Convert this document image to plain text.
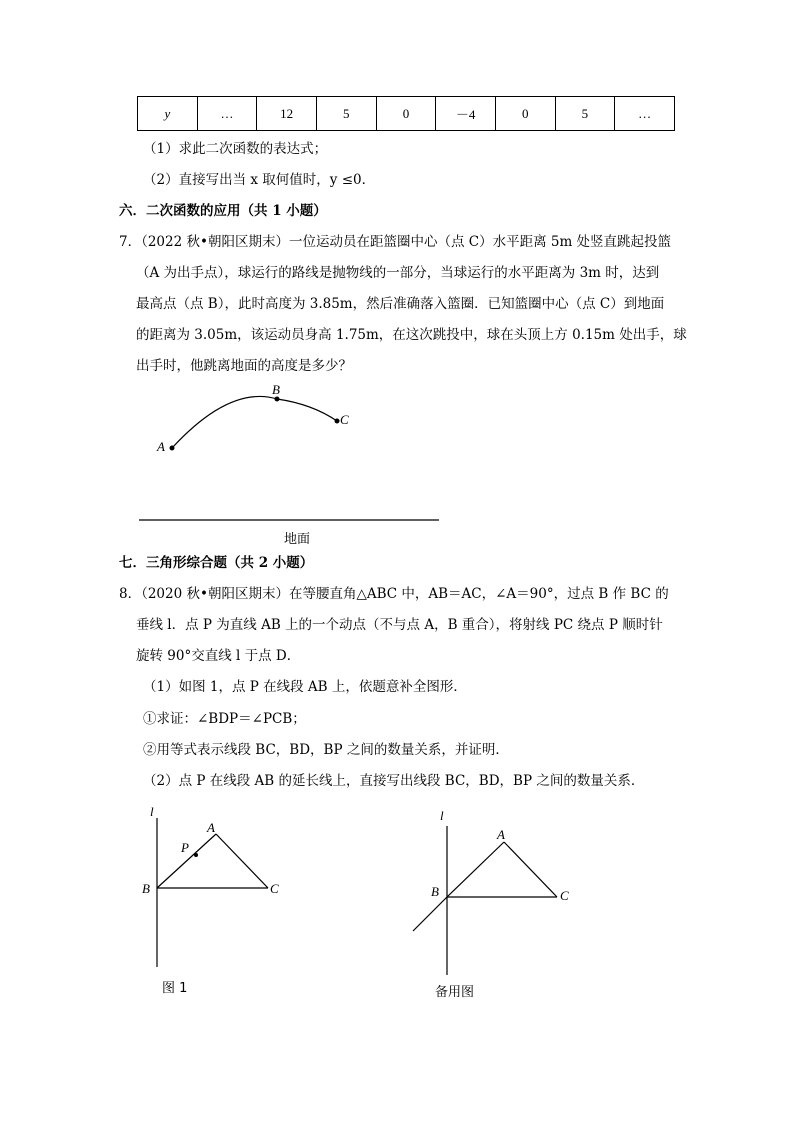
y	…	12	5	0	－4	0	5	…
（1）求此二次函数的表达式；
（2）直接写出当 x 取何值时，y ≤0．
六．二次函数的应用（共 1 小题）
7．（2022 秋•朝阳区期末）一位运动员在距篮圈中心（点 C）水平距离 5m 处竖直跳起投篮
（A 为出手点），球运行的路线是抛物线的一部分，当球运行的水平距离为 3m 时，达到
最高点（点 B），此时高度为 3.85m，然后准确落入篮圈．已知篮圈中心（点 C）到地面
的距离为 3.05m，该运动员身高 1.75m，在这次跳投中，球在头顶上方 0.15m 处出手，球
出手时，他跳离地面的高度是多少？
A
B
C
地面
七．三角形综合题（共 2 小题）
8．（2020 秋•朝阳区期末）在等腰直角△ABC 中，AB＝AC，∠A＝90°，过点 B 作 BC 的
垂线 l．点 P 为直线 AB 上的一个动点（不与点 A，B 重合），将射线 PC 绕点 P 顺时针
旋转 90°交直线 l 于点 D．
（1）如图 1，点 P 在线段 AB 上，依题意补全图形．
①求证：∠BDP＝∠PCB；
②用等式表示线段 BC，BD，BP 之间的数量关系，并证明．
（2）点 P 在线段 AB 的延长线上，直接写出线段 BC，BD，BP 之间的数量关系．
l
A
P
B	C
图 1
l
A
B	C
备用图
